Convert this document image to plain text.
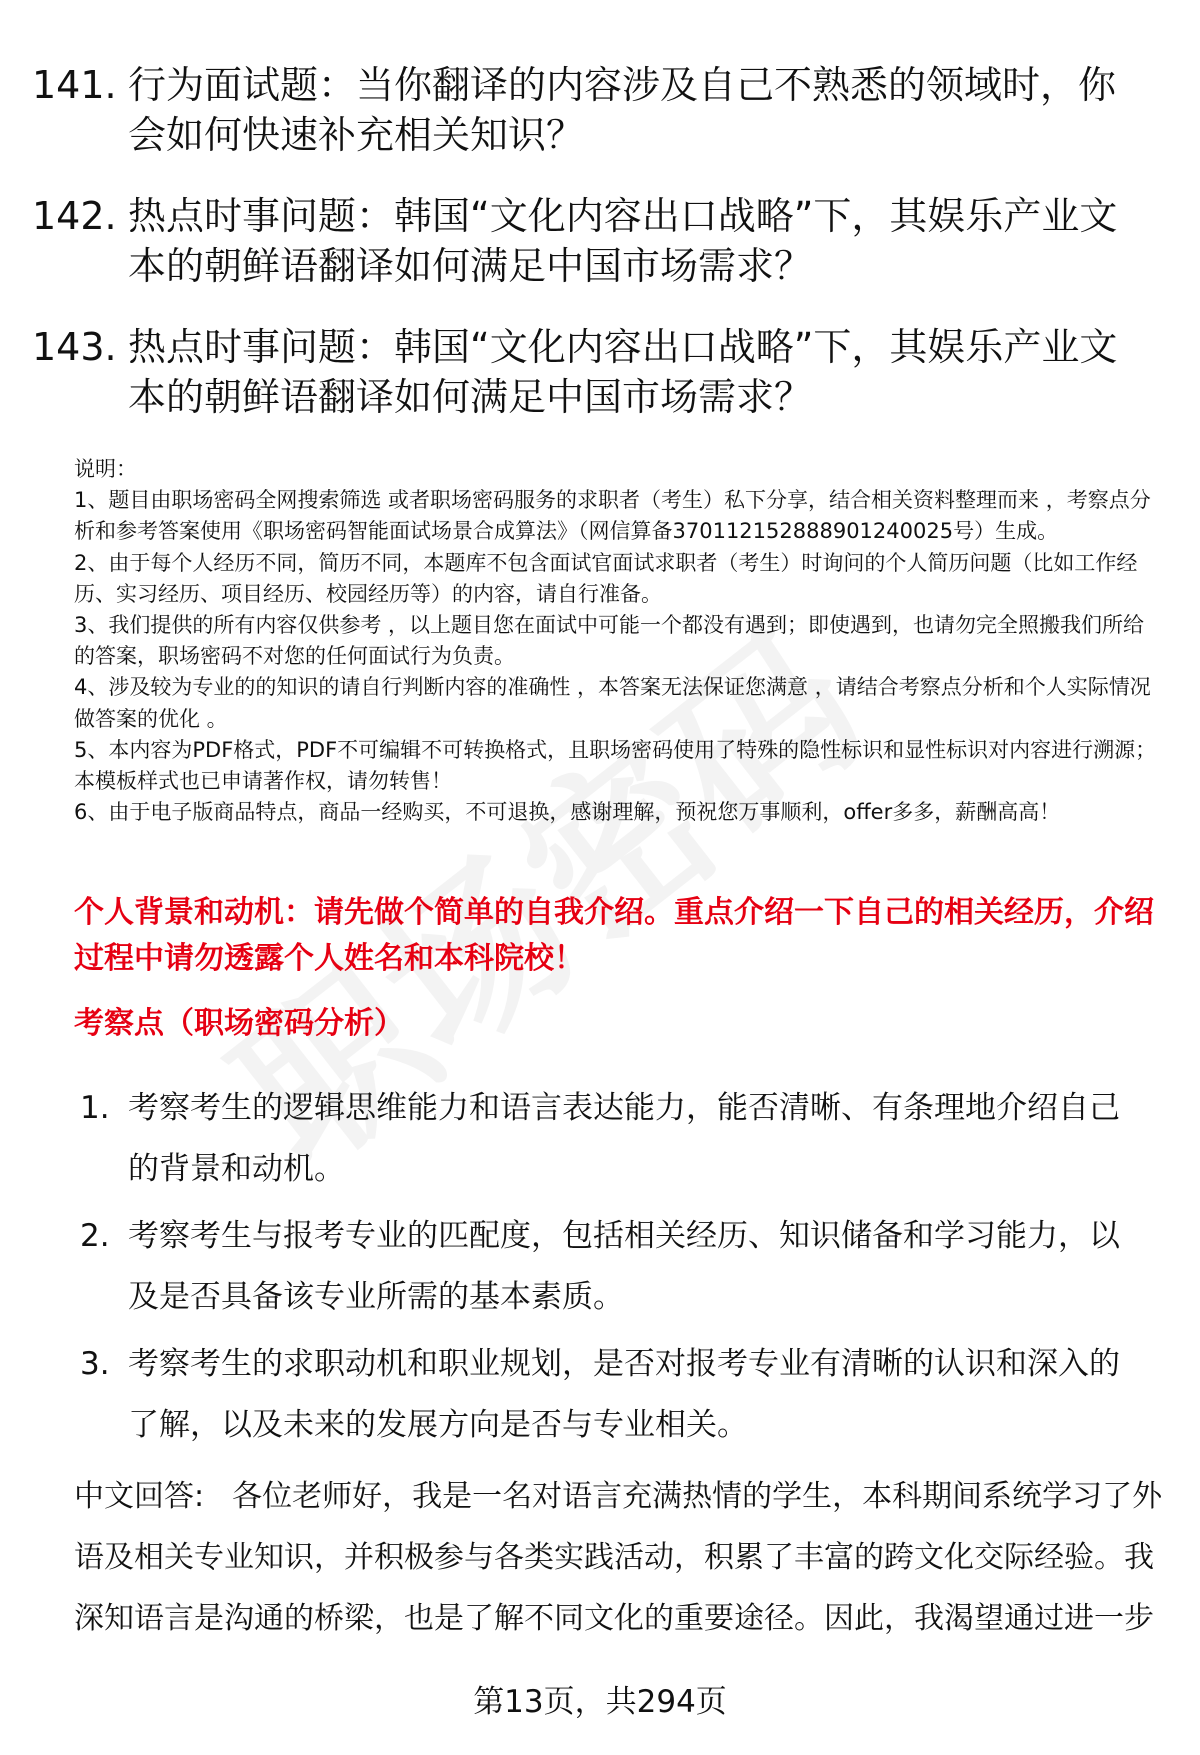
141. 行为面试题：当你翻译的内容涉及自己不熟悉的领域时，你会如何快速补充相关知识？
142. 热点时事问题：韩国“文化内容出口战略”下，其娱乐产业文本的朝鲜语翻译如何满足中国市场需求？
143. 热点时事问题：韩国“文化内容出口战略”下，其娱乐产业文本的朝鲜语翻译如何满足中国市场需求？

说明：

1、题目由职场密码全网搜索筛选 或者职场密码服务的求职者（考生）私下分享，结合相关资料整理而来 ，考察点分析和参考答案使用《职场密码智能面试场景合成算法》（网信算备370112152888901240025号）生成。

2、由于每个人经历不同，简历不同，本题库不包含面试官面试求职者（考生）时询问的个人简历问题（比如工作经历、实习经历、项目经历、校园经历等）的内容，请自行准备。

3、我们提供的所有内容仅供参考 ，以上题目您在面试中可能一个都没有遇到；即使遇到，也请勿完全照搬我们所给的答案，职场密码不对您的任何面试行为负责。

4、涉及较为专业的的知识的请自行判断内容的准确性 ，本答案无法保证您满意 ，请结合考察点分析和个人实际情况做答案的优化 。

5、本内容为PDF格式，PDF不可编辑不可转换格式，且职场密码使用了特殊的隐性标识和显性标识对内容进行溯源；本模板样式也已申请著作权，请勿转售！

6、由于电子版商品特点，商品一经购买，不可退换，感谢理解，预祝您万事顺利，offer多多，薪酬高高！

个人背景和动机：请先做个简单的自我介绍。重点介绍一下自己的相关经历，介绍过程中请勿透露个人姓名和本科院校！
考察点（职场密码分析）
1. 考察考生的逻辑思维能力和语言表达能力，能否清晰、有条理地介绍自己的背景和动机。
2. 考察考生与报考专业的匹配度，包括相关经历、知识储备和学习能力，以及是否具备该专业所需的基本素质。
3. 考察考生的求职动机和职业规划，是否对报考专业有清晰的认识和深入的了解，以及未来的发展方向是否与专业相关。
中文回答: 各位老师好，我是一名对语言充满热情的学生，本科期间系统学习了外语及相关专业知识，并积极参与各类实践活动，积累了丰富的跨文化交际经验。我深知语言是沟通的桥梁，也是了解不同文化的重要途径。因此，我渴望通过进一步
第13页，共294页
